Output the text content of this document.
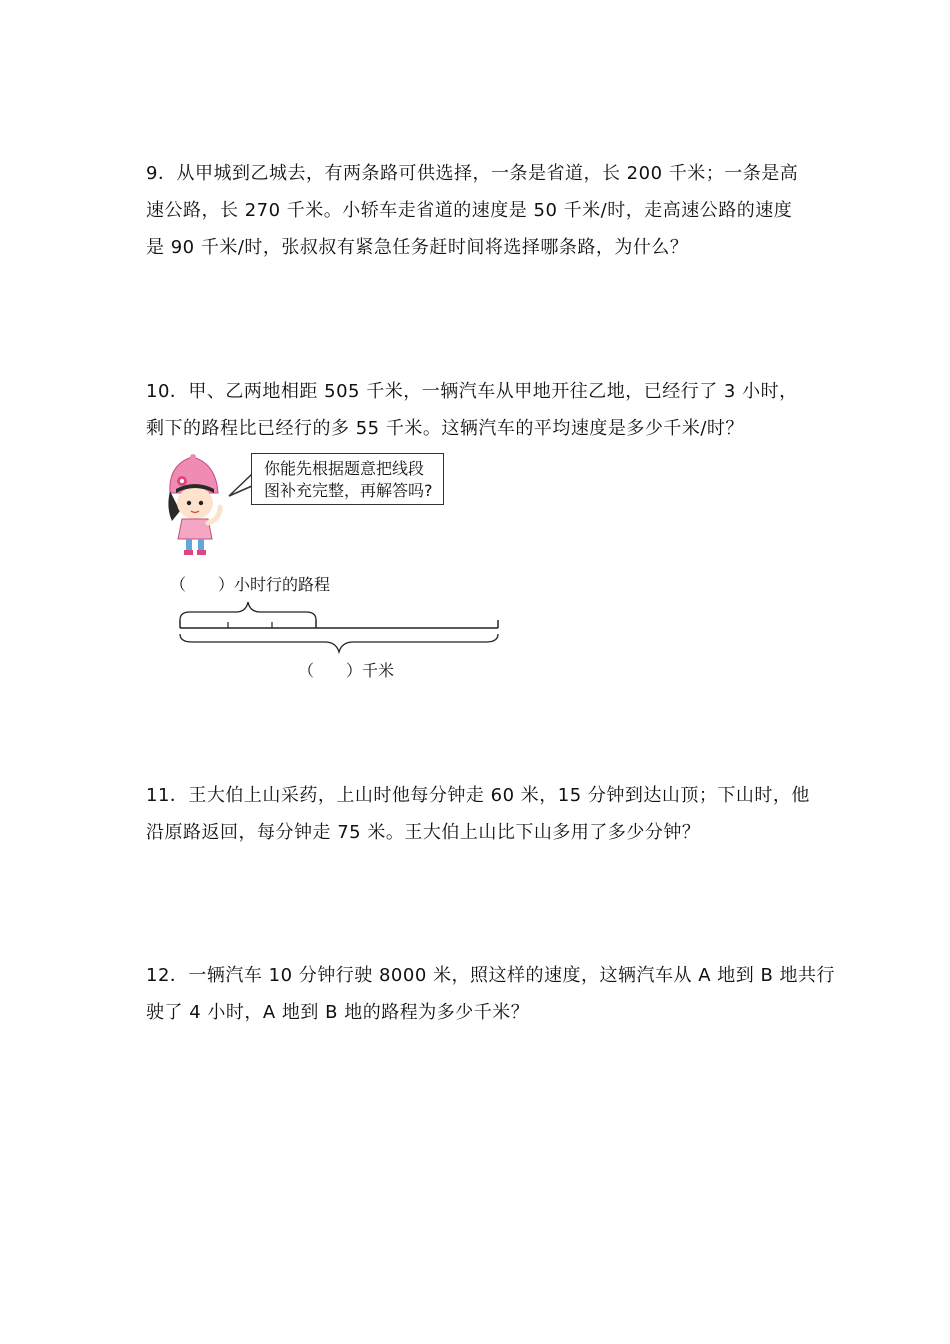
9．从甲城到乙城去，有两条路可供选择，一条是省道，长 200 千米；一条是高
速公路，长 270 千米。小轿车走省道的速度是 50 千米/时，走高速公路的速度
是 90 千米/时，张叔叔有紧急任务赶时间将选择哪条路，为什么？
10．甲、乙两地相距 505 千米，一辆汽车从甲地开往乙地，已经行了 3 小时，
剩下的路程比已经行的多 55 千米。这辆汽车的平均速度是多少千米/时？
你能先根据题意把线段
图补充完整，再解答吗?
（　　）小时行的路程
（　　）千米
11．王大伯上山采药，上山时他每分钟走 60 米，15 分钟到达山顶；下山时，他
沿原路返回，每分钟走 75 米。王大伯上山比下山多用了多少分钟？
12．一辆汽车 10 分钟行驶 8000 米，照这样的速度，这辆汽车从 A 地到 B 地共行
驶了 4 小时，A 地到 B 地的路程为多少千米？
